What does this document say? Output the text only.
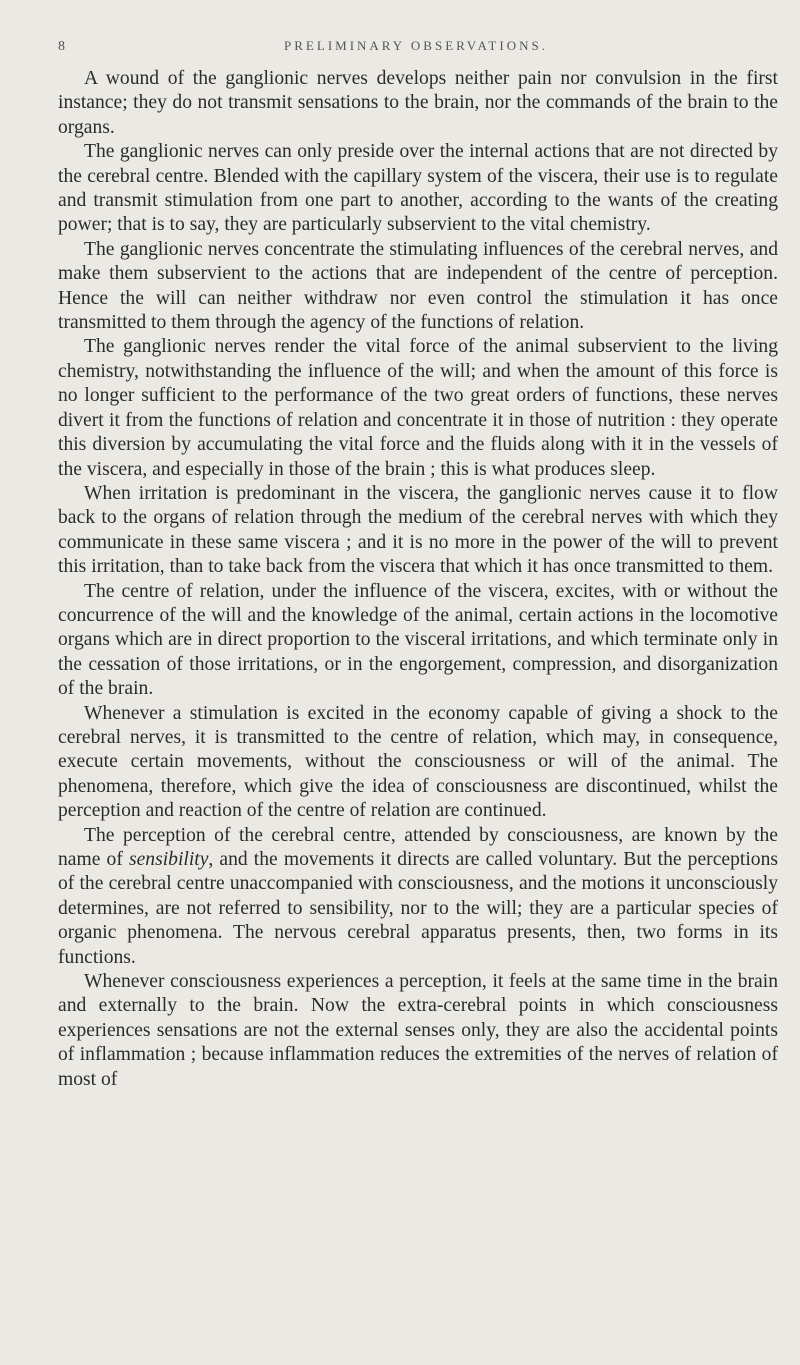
8	PRELIMINARY OBSERVATIONS.

A wound of the ganglionic nerves develops neither pain nor convulsion in the first instance; they do not transmit sensations to the brain, nor the commands of the brain to the organs.

The ganglionic nerves can only preside over the internal actions that are not directed by the cerebral centre. Blended with the capillary system of the viscera, their use is to regulate and transmit stimulation from one part to another, according to the wants of the creating power; that is to say, they are particularly subservient to the vital chemistry.

The ganglionic nerves concentrate the stimulating influences of the cerebral nerves, and make them subservient to the actions that are independent of the centre of perception. Hence the will can neither withdraw nor even control the stimulation it has once transmitted to them through the agency of the functions of relation.

The ganglionic nerves render the vital force of the animal subservient to the living chemistry, notwithstanding the influence of the will; and when the amount of this force is no longer sufficient to the performance of the two great orders of functions, these nerves divert it from the functions of relation and concentrate it in those of nutrition : they operate this diversion by accumulating the vital force and the fluids along with it in the vessels of the viscera, and especially in those of the brain ; this is what produces sleep.

When irritation is predominant in the viscera, the ganglionic nerves cause it to flow back to the organs of relation through the medium of the cerebral nerves with which they communicate in these same viscera ; and it is no more in the power of the will to prevent this irritation, than to take back from the viscera that which it has once transmitted to them.

The centre of relation, under the influence of the viscera, excites, with or without the concurrence of the will and the knowledge of the animal, certain actions in the locomotive organs which are in direct proportion to the visceral irritations, and which terminate only in the cessation of those irritations, or in the engorgement, compression, and disorganization of the brain.

Whenever a stimulation is excited in the economy capable of giving a shock to the cerebral nerves, it is transmitted to the centre of relation, which may, in consequence, execute certain movements, without the consciousness or will of the animal. The phenomena, therefore, which give the idea of consciousness are discontinued, whilst the perception and reaction of the centre of relation are continued.

The perception of the cerebral centre, attended by consciousness, are known by the name of sensibility, and the movements it directs are called voluntary. But the perceptions of the cerebral centre unaccompanied with consciousness, and the motions it unconsciously determines, are not referred to sensibility, nor to the will; they are a particular species of organic phenomena. The nervous cerebral apparatus presents, then, two forms in its functions.

Whenever consciousness experiences a perception, it feels at the same time in the brain and externally to the brain. Now the extra-cerebral points in which consciousness experiences sensations are not the external senses only, they are also the accidental points of inflammation ; because inflammation reduces the extremities of the nerves of relation of most of
